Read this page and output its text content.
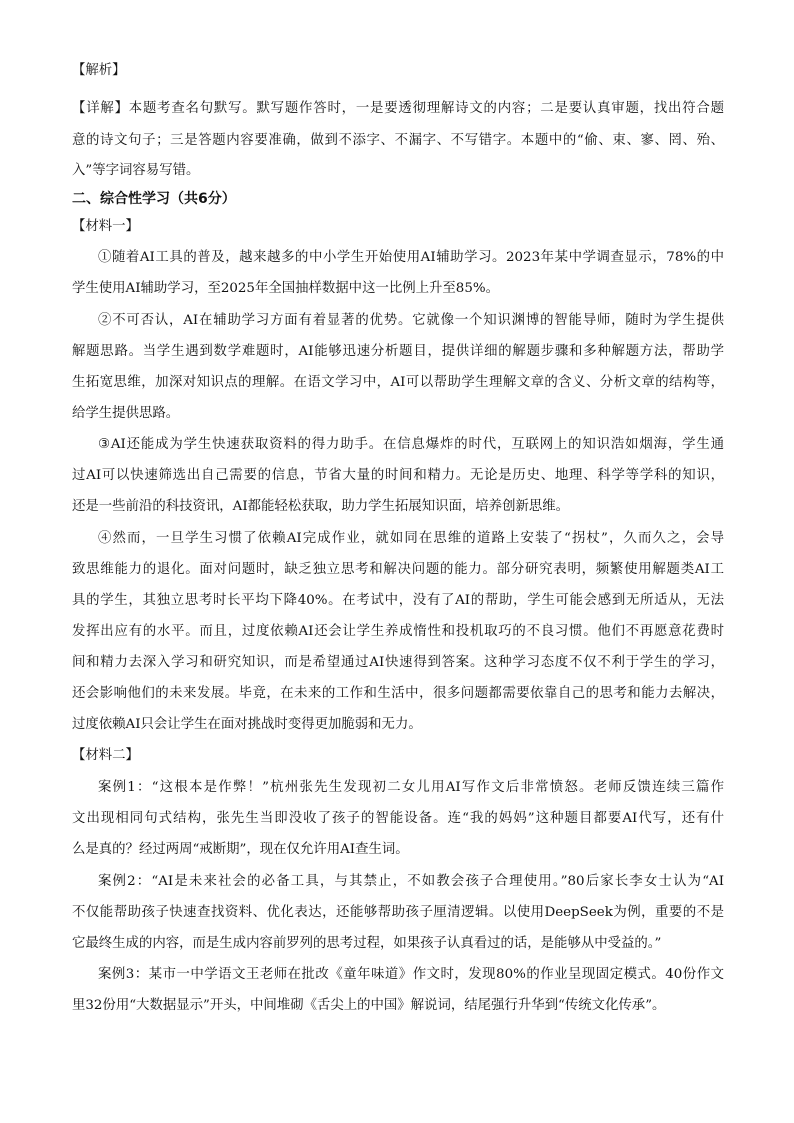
【解析】
【详解】本题考查名句默写。默写题作答时，一是要透彻理解诗文的内容；二是要认真审题，找出符合题
意的诗文句子；三是答题内容要准确，做到不添字、不漏字、不写错字。本题中的“偷、束、寥、罔、殆、
入”等字词容易写错。
二、综合性学习（共6分）
【材料一】
①随着AI工具的普及，越来越多的中小学生开始使用AI辅助学习。2023年某中学调查显示，78%的中
学生使用AI辅助学习，至2025年全国抽样数据中这一比例上升至85%。
②不可否认，AI在辅助学习方面有着显著的优势。它就像一个知识渊博的智能导师，随时为学生提供
解题思路。当学生遇到数学难题时，AI能够迅速分析题目，提供详细的解题步骤和多种解题方法，帮助学
生拓宽思维，加深对知识点的理解。在语文学习中，AI可以帮助学生理解文章的含义、分析文章的结构等，
给学生提供思路。
③AI还能成为学生快速获取资料的得力助手。在信息爆炸的时代，互联网上的知识浩如烟海，学生通
过AI可以快速筛选出自己需要的信息，节省大量的时间和精力。无论是历史、地理、科学等学科的知识，
还是一些前沿的科技资讯，AI都能轻松获取，助力学生拓展知识面，培养创新思维。
④然而，一旦学生习惯了依赖AI完成作业，就如同在思维的道路上安装了“拐杖”，久而久之，会导
致思维能力的退化。面对问题时，缺乏独立思考和解决问题的能力。部分研究表明，频繁使用解题类AI工
具的学生，其独立思考时长平均下降40%。在考试中，没有了AI的帮助，学生可能会感到无所适从，无法
发挥出应有的水平。而且，过度依赖AI还会让学生养成惰性和投机取巧的不良习惯。他们不再愿意花费时
间和精力去深入学习和研究知识，而是希望通过AI快速得到答案。这种学习态度不仅不利于学生的学习，
还会影响他们的未来发展。毕竟，在未来的工作和生活中，很多问题都需要依靠自己的思考和能力去解决，
过度依赖AI只会让学生在面对挑战时变得更加脆弱和无力。
【材料二】
案例1：“这根本是作弊！”杭州张先生发现初二女儿用AI写作文后非常愤怒。老师反馈连续三篇作
文出现相同句式结构，张先生当即没收了孩子的智能设备。连“我的妈妈”这种题目都要AI代写，还有什
么是真的？经过两周“戒断期”，现在仅允许用AI查生词。
案例2：“AI是未来社会的必备工具，与其禁止，不如教会孩子合理使用。”80后家长李女士认为“AI
不仅能帮助孩子快速查找资料、优化表达，还能够帮助孩子厘清逻辑。以使用DeepSeek为例，重要的不是
它最终生成的内容，而是生成内容前罗列的思考过程，如果孩子认真看过的话，是能够从中受益的。”
案例3：某市一中学语文王老师在批改《童年味道》作文时，发现80%的作业呈现固定模式。40份作文
里32份用“大数据显示”开头，中间堆砌《舌尖上的中国》解说词，结尾强行升华到“传统文化传承”。
